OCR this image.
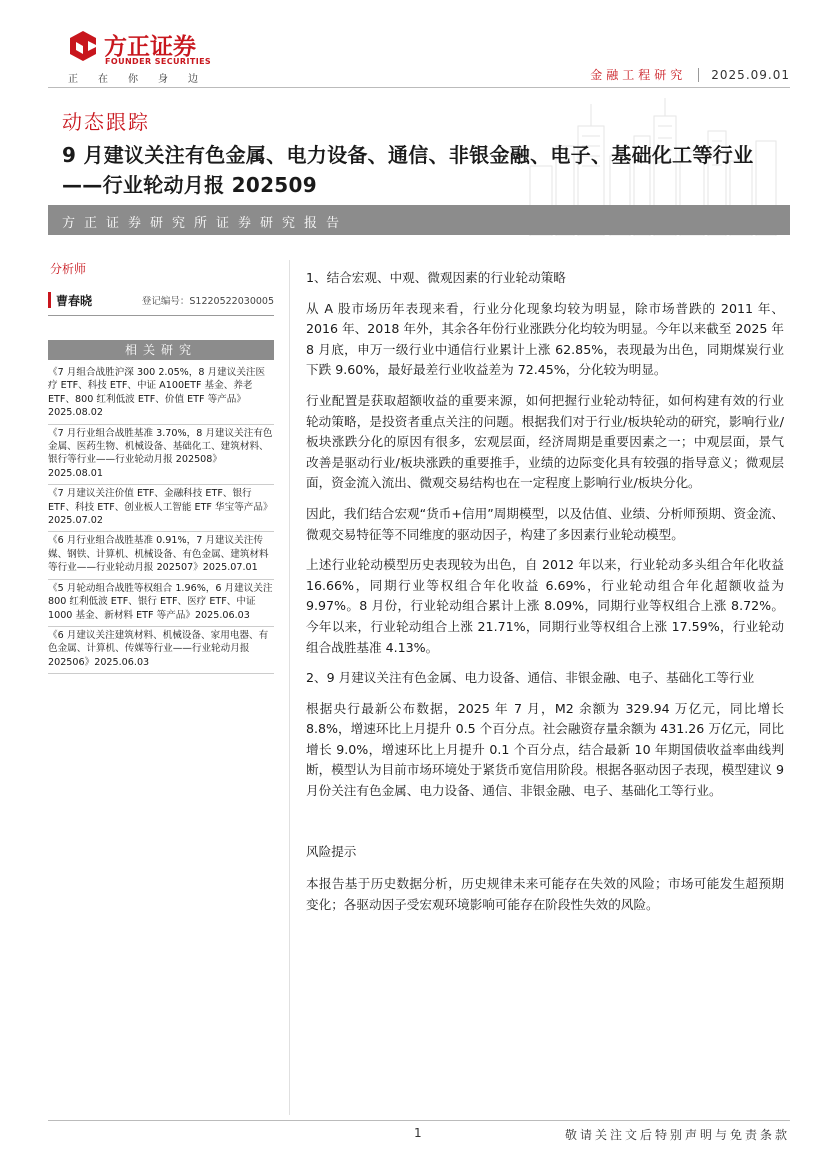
方正证券
FOUNDER SECURITIES
正 在 你 身 边	金融工程研究 2025.09.01
动态跟踪
9 月建议关注有色金属、电力设备、通信、非银金融、电子、基础化工等行业——行业轮动月报 202509
方正证券研究所证券研究报告
分析师
曹春晓	登记编号：S1220522030005
相关研究
《7 月组合战胜沪深 300 2.05%，8 月建议关注医疗 ETF、科技 ETF、中证 A100ETF 基金、养老 ETF、800 红利低波 ETF、价值 ETF 等产品》2025.08.02
《7 月行业组合战胜基准 3.70%，8 月建议关注有色金属、医药生物、机械设备、基础化工、建筑材料、银行等行业——行业轮动月报 202508》2025.08.01
《7 月建议关注价值 ETF、金融科技 ETF、银行 ETF、科技 ETF、创业板人工智能 ETF 华宝等产品》2025.07.02
《6 月行业组合战胜基准 0.91%，7 月建议关注传媒、钢铁、计算机、机械设备、有色金属、建筑材料等行业——行业轮动月报 202507》2025.07.01
《5 月轮动组合战胜等权组合 1.96%，6 月建议关注 800 红利低波 ETF、银行 ETF、医疗 ETF、中证 1000 基金、新材料 ETF 等产品》2025.06.03
《6 月建议关注建筑材料、机械设备、家用电器、有色金属、计算机、传媒等行业——行业轮动月报 202506》2025.06.03
1、结合宏观、中观、微观因素的行业轮动策略

从 A 股市场历年表现来看，行业分化现象均较为明显，除市场普跌的 2011 年、2016 年、2018 年外，其余各年份行业涨跌分化均较为明显。今年以来截至 2025 年 8 月底，申万一级行业中通信行业累计上涨 62.85%，表现最为出色，同期煤炭行业下跌 9.60%，最好最差行业收益差为 72.45%，分化较为明显。

行业配置是获取超额收益的重要来源，如何把握行业轮动特征，如何构建有效的行业轮动策略，是投资者重点关注的问题。根据我们对于行业/板块轮动的研究，影响行业/板块涨跌分化的原因有很多，宏观层面，经济周期是重要因素之一；中观层面，景气改善是驱动行业/板块涨跌的重要推手，业绩的边际变化具有较强的指导意义；微观层面，资金流入流出、微观交易结构也在一定程度上影响行业/板块分化。

因此，我们结合宏观“货币+信用”周期模型，以及估值、业绩、分析师预期、资金流、微观交易特征等不同维度的驱动因子，构建了多因素行业轮动模型。

上述行业轮动模型历史表现较为出色，自 2012 年以来，行业轮动多头组合年化收益 16.66%，同期行业等权组合年化收益 6.69%，行业轮动组合年化超额收益为 9.97%。8 月份，行业轮动组合累计上涨 8.09%，同期行业等权组合上涨 8.72%。今年以来，行业轮动组合上涨 21.71%，同期行业等权组合上涨 17.59%，行业轮动组合战胜基准 4.13%。

2、9 月建议关注有色金属、电力设备、通信、非银金融、电子、基础化工等行业

根据央行最新公布数据，2025 年 7 月，M2 余额为 329.94 万亿元，同比增长 8.8%，增速环比上月提升 0.5 个百分点。社会融资存量余额为 431.26 万亿元，同比增长 9.0%，增速环比上月提升 0.1 个百分点，结合最新 10 年期国债收益率曲线判断，模型认为目前市场环境处于紧货币宽信用阶段。根据各驱动因子表现，模型建议 9 月份关注有色金属、电力设备、通信、非银金融、电子、基础化工等行业。

风险提示

本报告基于历史数据分析，历史规律未来可能存在失效的风险；市场可能发生超预期变化；各驱动因子受宏观环境影响可能存在阶段性失效的风险。

1	敬请关注文后特别声明与免责条款
